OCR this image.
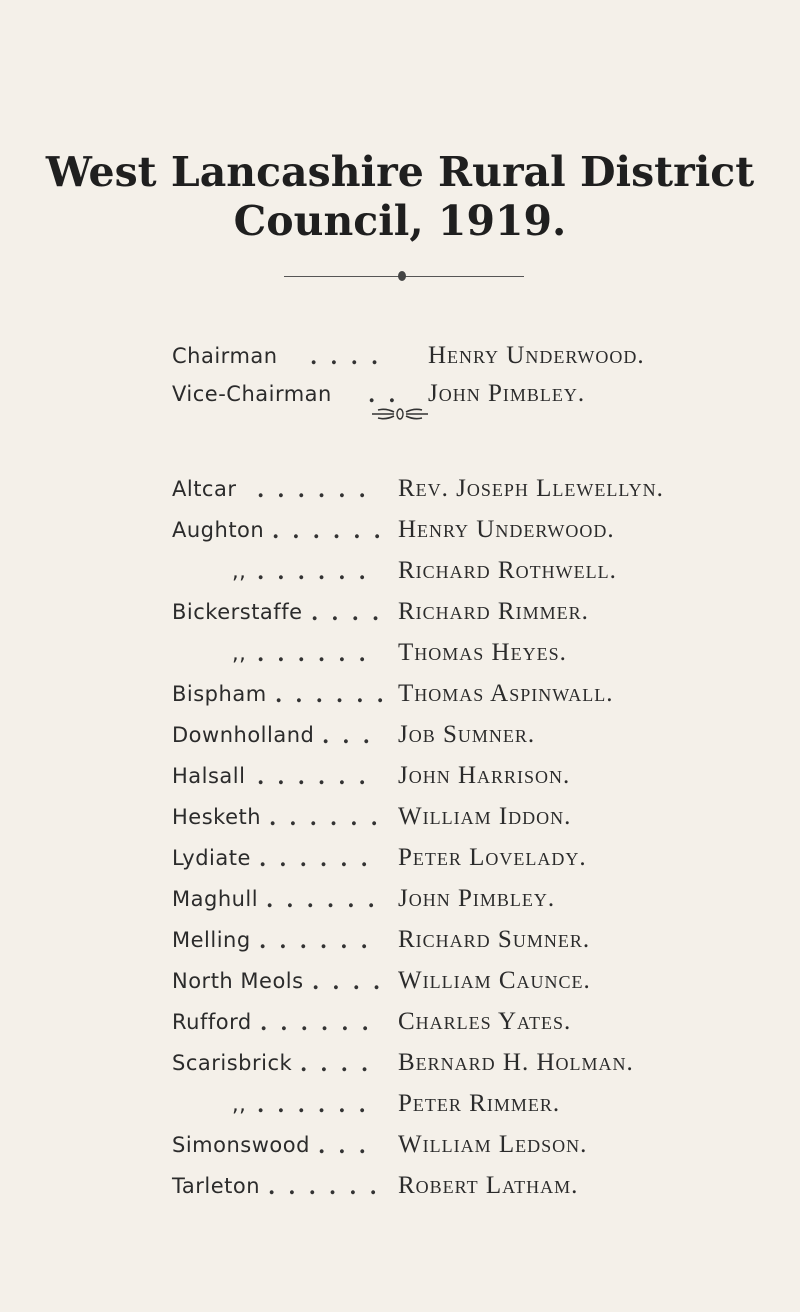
West Lancashire Rural District
Council, 1919.
Chairman .... Henry Underwood.
Vice-Chairman .. John Pimbley.
Altcar ...... Rev. Joseph Llewellyn.
Aughton ...... Henry Underwood.
,, ...... Richard Rothwell.
Bickerstaffe .... Richard Rimmer.
,, ...... Thomas Heyes.
Bispham ...... Thomas Aspinwall.
Downholland ... Job Sumner.
Halsall ...... John Harrison.
Hesketh ...... William Iddon.
Lydiate ...... Peter Lovelady.
Maghull ...... John Pimbley.
Melling ...... Richard Sumner.
North Meols .... William Caunce.
Rufford ...... Charles Yates.
Scarisbrick .... Bernard H. Holman.
,, ...... Peter Rimmer.
Simonswood ... William Ledson.
Tarleton ...... Robert Latham.
